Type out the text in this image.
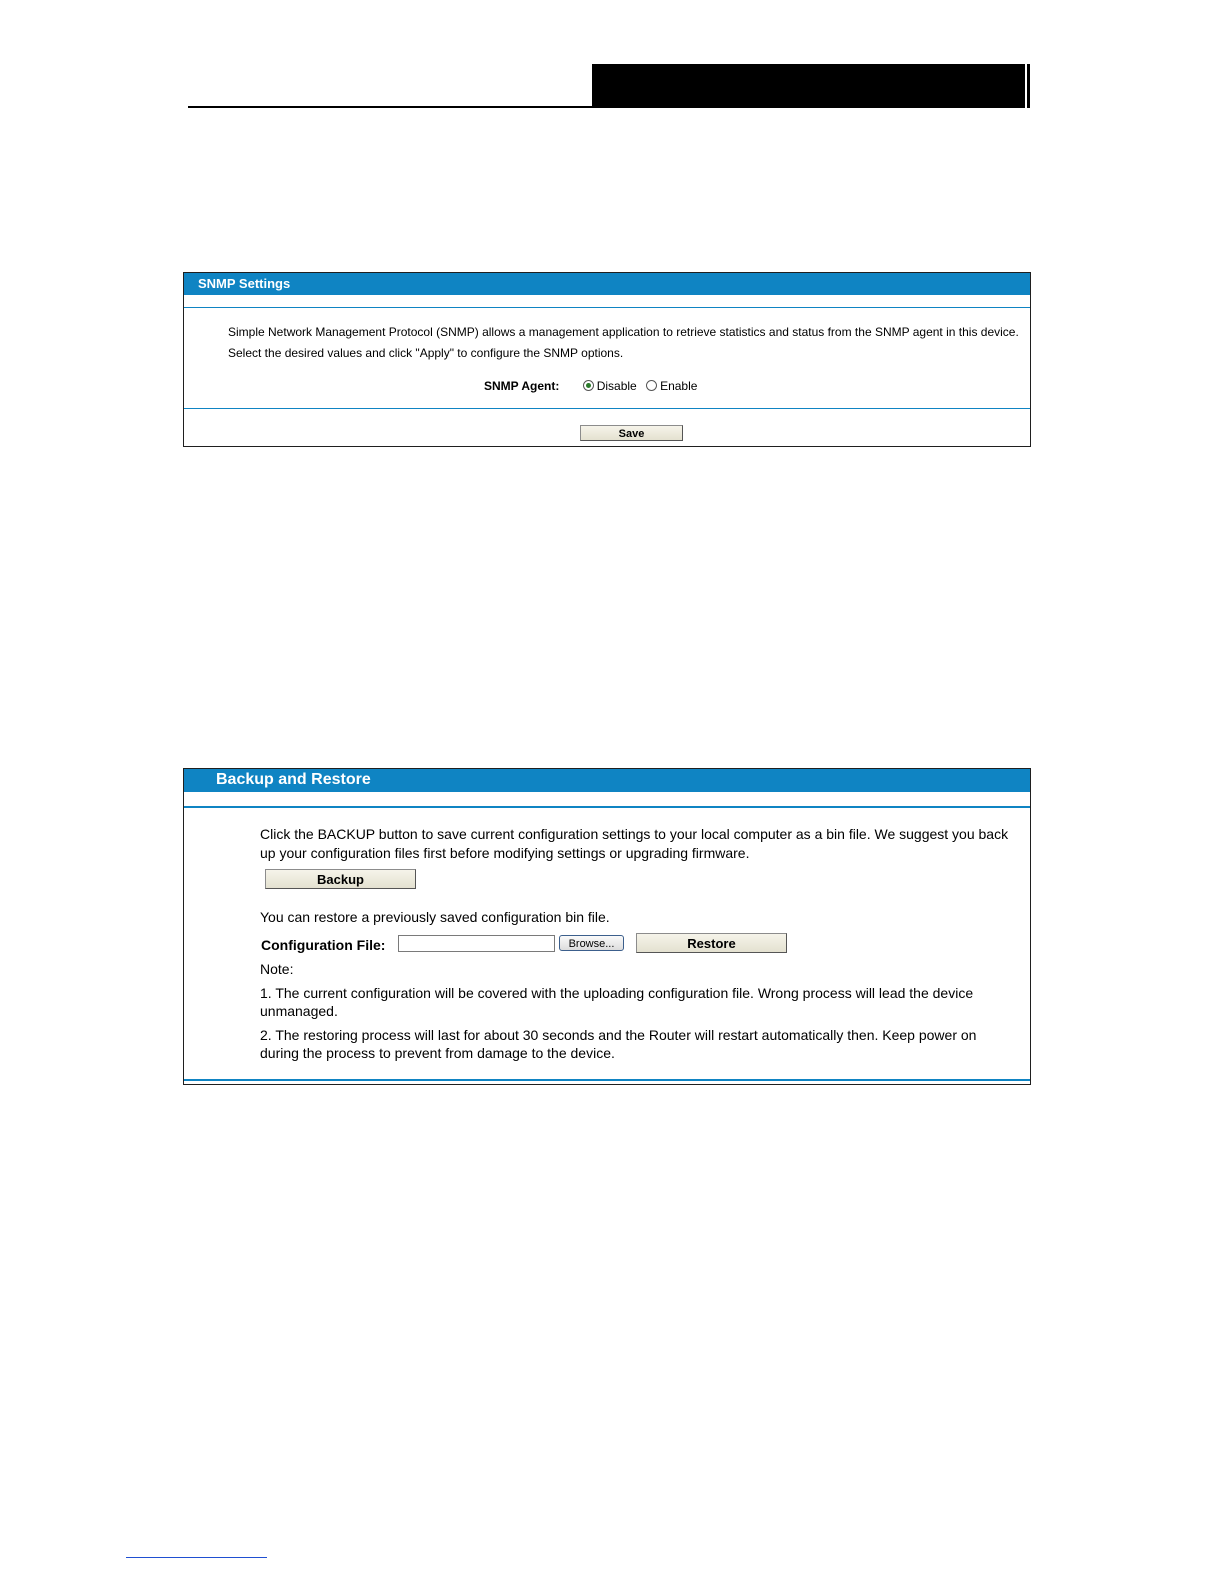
SNMP Settings
Simple Network Management Protocol (SNMP) allows a management application to retrieve statistics and status from the SNMP agent in this device.
Select the desired values and click "Apply" to configure the SNMP options.
SNMP Agent:	Disable Enable
Save
Backup and Restore
Click the BACKUP button to save current configuration settings to your local computer as a bin file. We suggest you back
up your configuration files first before modifying settings or upgrading firmware.
Backup
You can restore a previously saved configuration bin file.
Configuration File:	Browse...	Restore
Note:
1. The current configuration will be covered with the uploading configuration file. Wrong process will lead the device
unmanaged.
2. The restoring process will last for about 30 seconds and the Router will restart automatically then. Keep power on
during the process to prevent from damage to the device.
